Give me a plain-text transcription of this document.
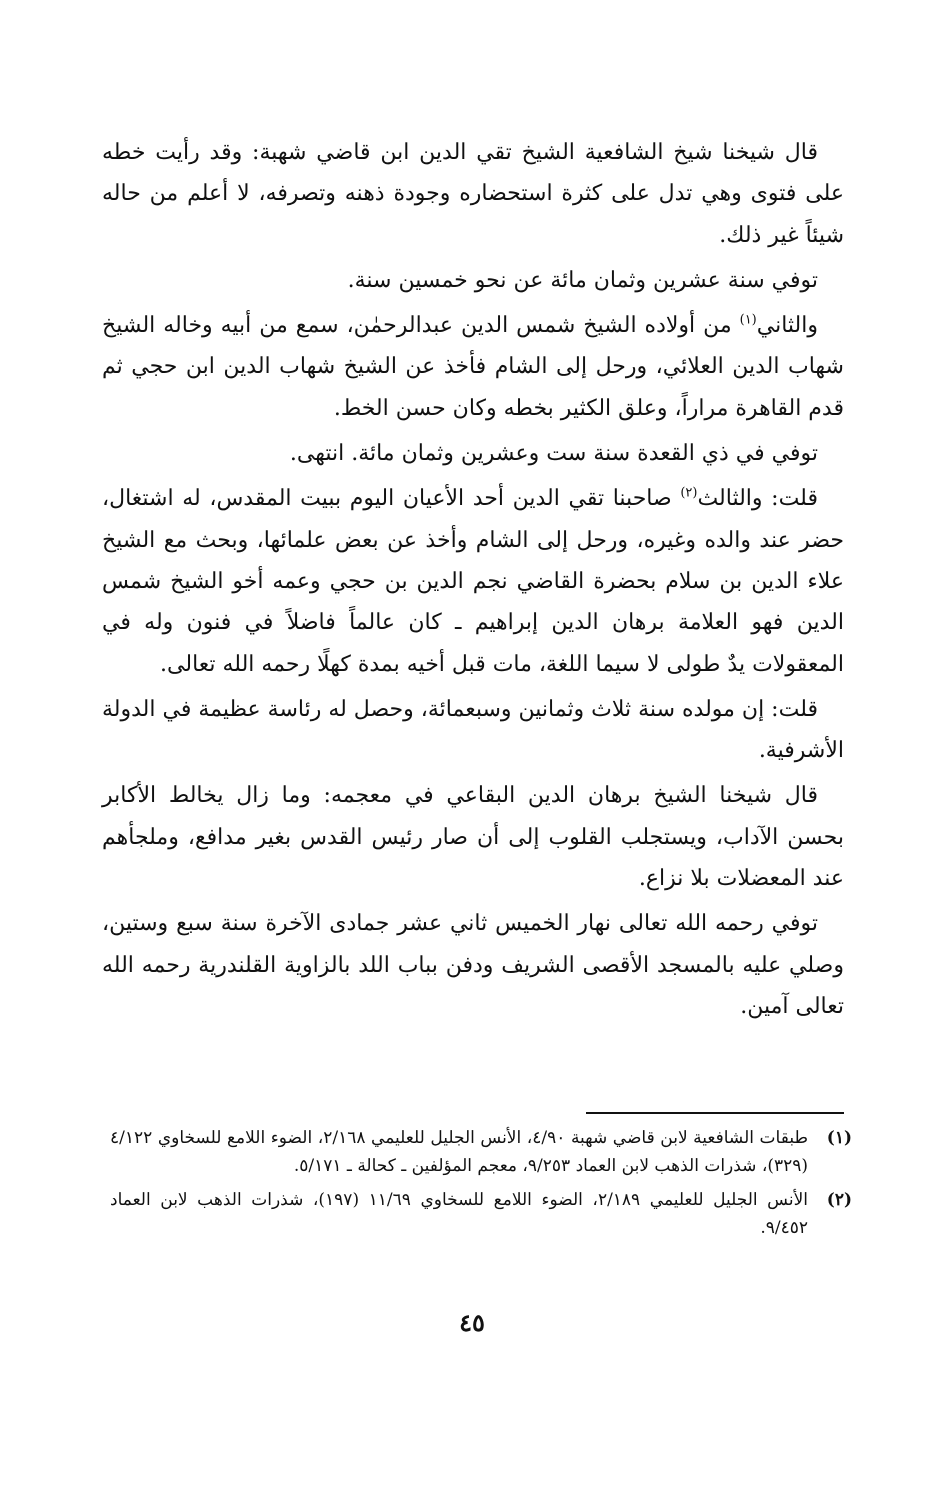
قال شيخنا شيخ الشافعية الشيخ تقي الدين ابن قاضي شهبة: وقد رأيت خطه على فتوى وهي تدل على كثرة استحضاره وجودة ذهنه وتصرفه، لا أعلم من حاله شيئاً غير ذلك.

توفي سنة عشرين وثمان مائة عن نحو خمسين سنة.

والثاني$^{(١)}$ من أولاده الشيخ شمس الدين عبدالرحمٰن، سمع من أبيه وخاله الشيخ شهاب الدين العلائي، ورحل إلى الشام فأخذ عن الشيخ شهاب الدين ابن حجي ثم قدم القاهرة مراراً، وعلق الكثير بخطه وكان حسن الخط.

توفي في ذي القعدة سنة ست وعشرين وثمان مائة. انتهى.

قلت: والثالث$^{(٢)}$ صاحبنا تقي الدين أحد الأعيان اليوم ببيت المقدس، له اشتغال، حضر عند والده وغيره، ورحل إلى الشام وأخذ عن بعض علمائها، وبحث مع الشيخ علاء الدين بن سلام بحضرة القاضي نجم الدين بن حجي وعمه أخو الشيخ شمس الدين فهو العلامة برهان الدين إبراهيم ـ كان عالماً فاضلاً في فنون وله في المعقولات يدٌ طولى لا سيما اللغة، مات قبل أخيه بمدة كهلًا رحمه الله تعالى.

قلت: إن مولده سنة ثلاث وثمانين وسبعمائة، وحصل له رئاسة عظيمة في الدولة الأشرفية.

قال شيخنا الشيخ برهان الدين البقاعي في معجمه: وما زال يخالط الأكابر بحسن الآداب، ويستجلب القلوب إلى أن صار رئيس القدس بغير مدافع، وملجأهم عند المعضلات بلا نزاع.

توفي رحمه الله تعالى نهار الخميس ثاني عشر جمادى الآخرة سنة سبع وستين، وصلي عليه بالمسجد الأقصى الشريف ودفن بباب اللد بالزاوية القلندرية رحمه الله تعالى آمين.

(١)
طبقات الشافعية لابن قاضي شهبة ٤/٩٠، الأنس الجليل للعليمي ٢/١٦٨، الضوء اللامع للسخاوي ٤/١٢٢ (٣٢٩)، شذرات الذهب لابن العماد ٩/٢٥٣، معجم المؤلفين ـ كحالة ـ ٥/١٧١.
(٢)
الأنس الجليل للعليمي ٢/١٨٩، الضوء اللامع للسخاوي ١١/٦٩ (١٩٧)، شذرات الذهب لابن العماد ٩/٤٥٢.
٤٥
